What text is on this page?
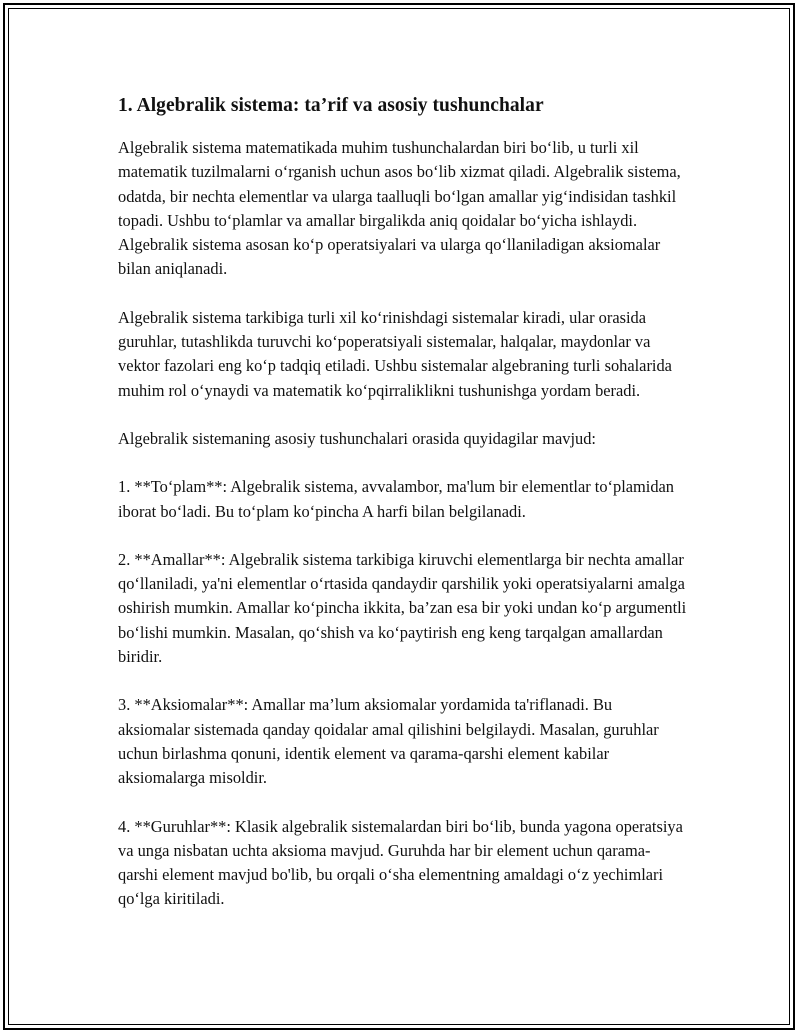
1. Algebralik sistema: ta’rif va asosiy tushunchalar

Algebralik sistema matematikada muhim tushunchalardan biri bo‘lib, u turli xil matematik tuzilmalarni o‘rganish uchun asos bo‘lib xizmat qiladi. Algebralik sistema, odatda, bir nechta elementlar va ularga taalluqli bo‘lgan amallar yig‘indisidan tashkil topadi. Ushbu to‘plamlar va amallar birgalikda aniq qoidalar bo‘yicha ishlaydi. Algebralik sistema asosan ko‘p operatsiyalari va ularga qo‘llaniladigan aksiomalar bilan aniqlanadi.

Algebralik sistema tarkibiga turli xil ko‘rinishdagi sistemalar kiradi, ular orasida guruhlar, tutashlikda turuvchi ko‘poperatsiyali sistemalar, halqalar, maydonlar va vektor fazolari eng ko‘p tadqiq etiladi. Ushbu sistemalar algebraning turli sohalarida muhim rol o‘ynaydi va matematik ko‘pqirraliklikni tushunishga yordam beradi.

Algebralik sistemaning asosiy tushunchalari orasida quyidagilar mavjud:

1. **To‘plam**: Algebralik sistema, avvalambor, ma'lum bir elementlar to‘plamidan iborat bo‘ladi. Bu to‘plam ko‘pincha A harfi bilan belgilanadi.

2. **Amallar**: Algebralik sistema tarkibiga kiruvchi elementlarga bir nechta amallar qo‘llaniladi, ya'ni elementlar o‘rtasida qandaydir qarshilik yoki operatsiyalarni amalga oshirish mumkin. Amallar ko‘pincha ikkita, ba’zan esa bir yoki undan ko‘p argumentli bo‘lishi mumkin. Masalan, qo‘shish va ko‘paytirish eng keng tarqalgan amallardan biridir.

3. **Aksiomalar**: Amallar ma’lum aksiomalar yordamida ta'riflanadi. Bu aksiomalar sistemada qanday qoidalar amal qilishini belgilaydi. Masalan, guruhlar uchun birlashma qonuni, identik element va qarama-qarshi element kabilar aksiomalarga misoldir.

4. **Guruhlar**: Klasik algebralik sistemalardan biri bo‘lib, bunda yagona operatsiya va unga nisbatan uchta aksioma mavjud. Guruhda har bir element uchun qarama-qarshi element mavjud bo'lib, bu orqali o‘sha elementning amaldagi o‘z yechimlari qo‘lga kiritiladi.
